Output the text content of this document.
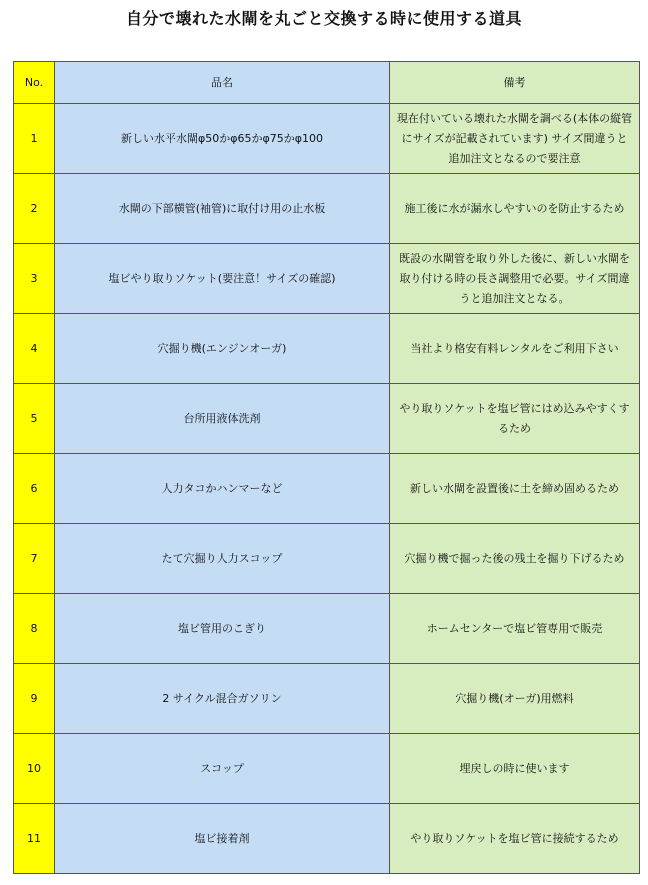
自分で壊れた水閘を丸ごと交換する時に使用する道具
No.	品名	備考
1	新しい水平水閘φ50かφ65かφ75かφ100	現在付いている壊れた水閘を調べる(本体の縦管にサイズが記載されています) サイズ間違うと追加注文となるので要注意
2	水閘の下部横管(袖管)に取付け用の止水板	施工後に水が漏水しやすいのを防止するため
3	塩ビやり取りソケット(要注意！サイズの確認)	既設の水閘管を取り外した後に、新しい水閘を取り付ける時の長さ調整用で必要。サイズ間違うと追加注文となる。
4	穴掘り機(エンジンオーガ)	当社より格安有料レンタルをご利用下さい
5	台所用液体洗剤	やり取りソケットを塩ビ管にはめ込みやすくするため
6	人力タコかハンマーなど	新しい水閘を設置後に土を締め固めるため
7	たて穴掘り人力スコップ	穴掘り機で掘った後の残土を掘り下げるため
8	塩ビ管用のこぎり	ホームセンターで塩ビ管専用で販売
9	2 サイクル混合ガソリン	穴掘り機(オーガ)用燃料
10	スコップ	埋戻しの時に使います
11	塩ビ接着剤	やり取りソケットを塩ビ管に接続するため
